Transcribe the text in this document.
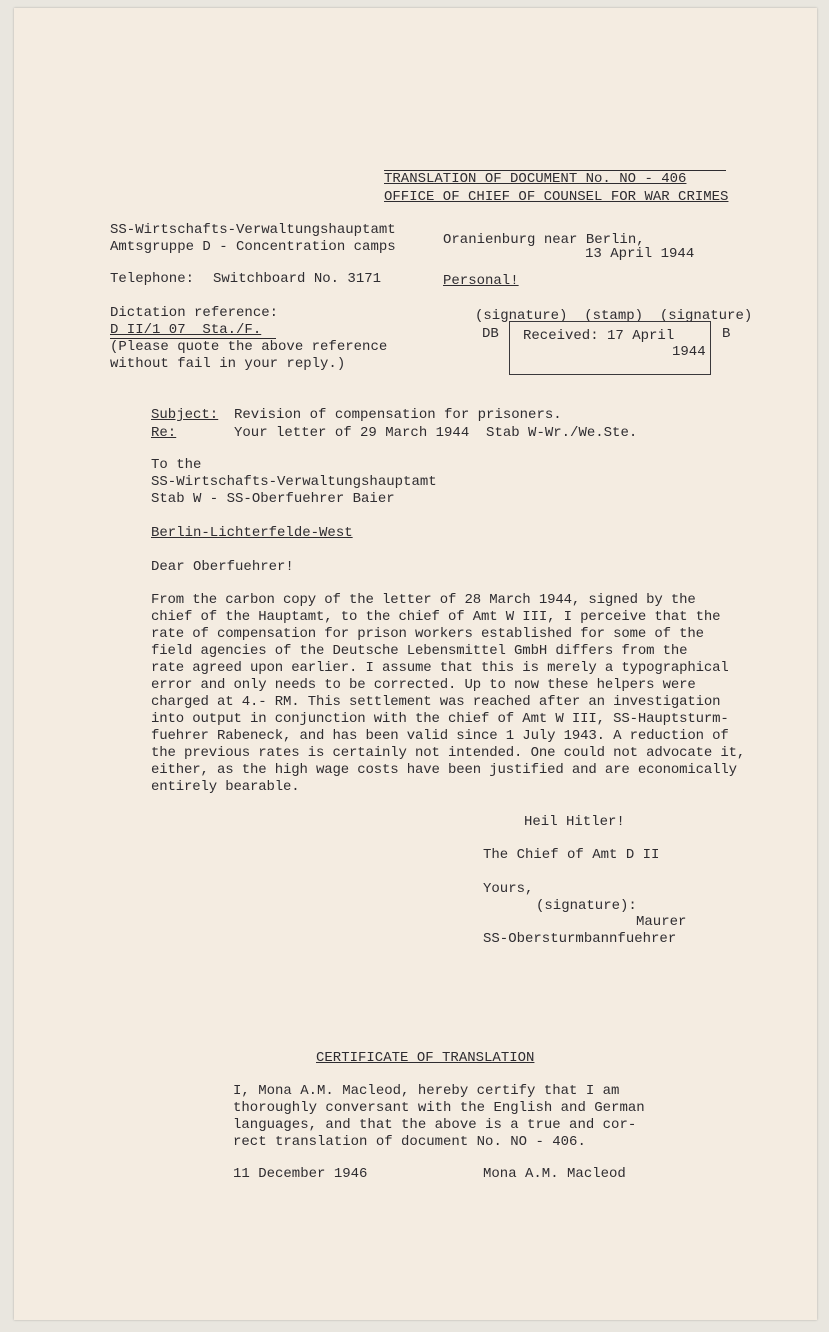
TRANSLATION OF DOCUMENT No. NO - 406
OFFICE OF CHIEF OF COUNSEL FOR WAR CRIMES
SS-Wirtschafts-Verwaltungshauptamt
Amtsgruppe D - Concentration camps
Telephone: Switchboard No. 3171
Dictation reference:
D II/1 07  Sta./F.
(Please quote the above reference
without fail in your reply.)
Oranienburg near Berlin,
13 April 1944
Personal!
(signature)  (stamp)  (signature)
DB	B
Received: 17 April
1944
Subject: Revision of compensation for prisoners.
Re:	Your letter of 29 March 1944  Stab W-Wr./We.Ste.
To the
SS-Wirtschafts-Verwaltungshauptamt
Stab W - SS-Oberfuehrer Baier
Berlin-Lichterfelde-West
Dear Oberfuehrer!
From the carbon copy of the letter of 28 March 1944, signed by the
chief of the Hauptamt, to the chief of Amt W III, I perceive that the
rate of compensation for prison workers established for some of the
field agencies of the Deutsche Lebensmittel GmbH differs from the
rate agreed upon earlier. I assume that this is merely a typographical
error and only needs to be corrected. Up to now these helpers were
charged at 4.- RM. This settlement was reached after an investigation
into output in conjunction with the chief of Amt W III, SS-Hauptsturm-
fuehrer Rabeneck, and has been valid since 1 July 1943. A reduction of
the previous rates is certainly not intended. One could not advocate it,
either, as the high wage costs have been justified and are economically
entirely bearable.
Heil Hitler!
The Chief of Amt D II
Yours,
(signature):
Maurer
SS-Obersturmbannfuehrer
CERTIFICATE OF TRANSLATION
I, Mona A.M. Macleod, hereby certify that I am
thoroughly conversant with the English and German
languages, and that the above is a true and cor-
rect translation of document No. NO - 406.
11 December 1946	Mona A.M. Macleod
